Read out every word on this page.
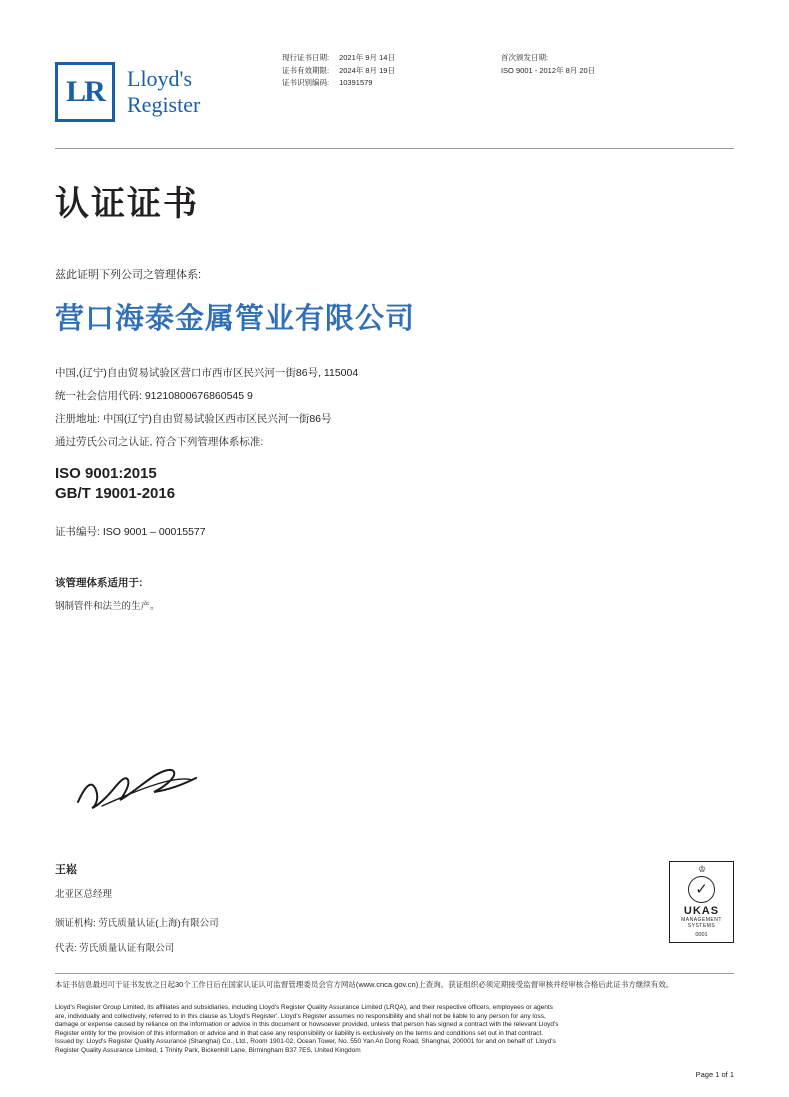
LR	Lloyd's
Register
现行证书日期:
证书有效期限:
证书识别编码:
2021年 9月 14日
2024年 8月 19日
10391579
首次颁发日期:
ISO 9001 - 2012年 8月 20日
认证证书
兹此证明下列公司之管理体系:
营口海泰金属管业有限公司
中国,(辽宁)自由贸易试验区营口市西市区民兴河一街86号, 115004
统一社会信用代码: 91210800676860545 9
注册地址: 中国(辽宁)自由贸易试验区西市区民兴河一街86号
通过劳氏公司之认证, 符合下列管理体系标准:
ISO 9001:2015
GB/T 19001-2016
证书编号: ISO 9001 – 00015577
该管理体系适用于:
钢制管件和法兰的生产。
王崧
北亚区总经理
颁证机构: 劳氏质量认证(上海)有限公司
代表: 劳氏质量认证有限公司
♔
✓
UKAS
MANAGEMENT
SYSTEMS
0001
本证书信息最迟可于证书发放之日起30个工作日后在国家认证认可监督管理委员会官方网站(www.cnca.gov.cn)上查询。获证组织必须定期接受监督审核并经审核合格后此证书方继续有效。
Lloyd's Register Group Limited, its affiliates and subsidiaries, including Lloyd's Register Quality Assurance Limited (LRQA), and their respective officers, employees or agents
are, individually and collectively, referred to in this clause as 'Lloyd's Register'. Lloyd's Register assumes no responsibility and shall not be liable to any person for any loss,
damage or expense caused by reliance on the information or advice in this document or howsoever provided, unless that person has signed a contract with the relevant Lloyd's
Register entity for the provision of this information or advice and in that case any responsibility or liability is exclusively on the terms and conditions set out in that contract.
Issued by: Lloyd's Register Quality Assurance (Shanghai) Co., Ltd., Room 1901-02, Ocean Tower, No. 550 Yan An Dong Road, Shanghai, 200001 for and on behalf of: Lloyd's
Register Quality Assurance Limited, 1 Trinity Park, Bickenhill Lane, Birmingham B37 7ES, United Kingdom
Page 1 of 1
